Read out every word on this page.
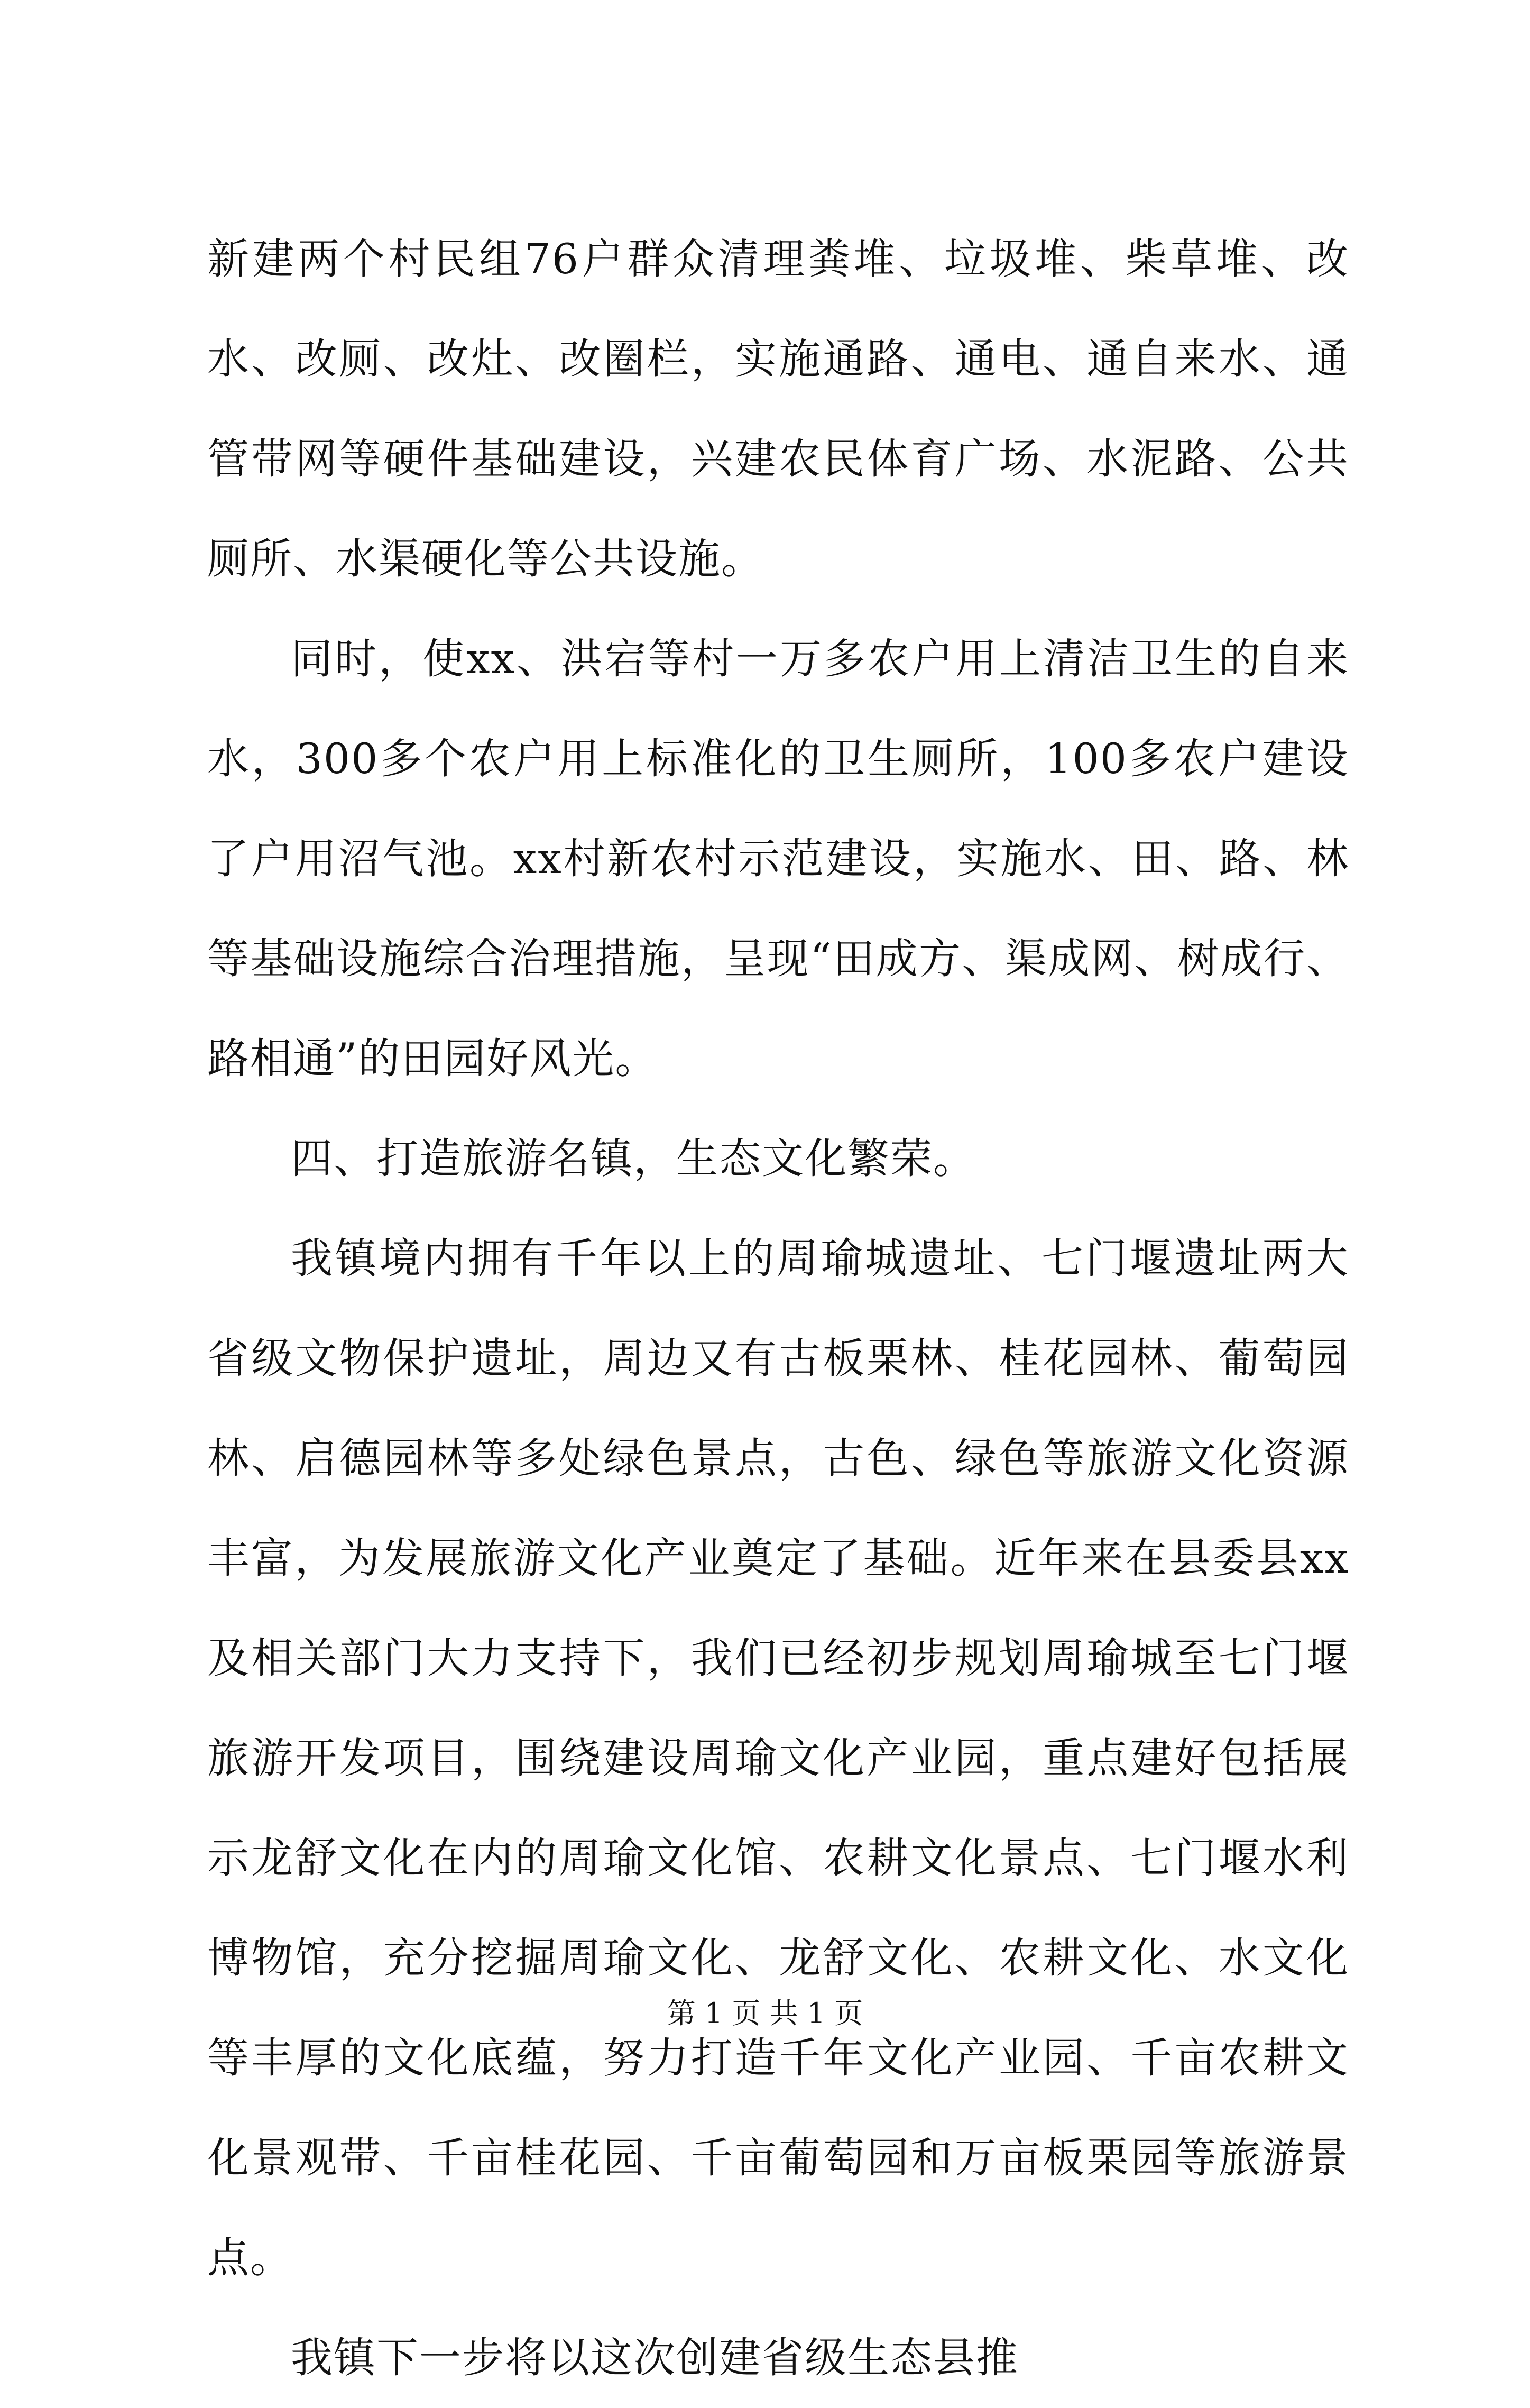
新建两个村民组76户群众清理粪堆、垃圾堆、柴草堆、改水、改厕、改灶、改圈栏，实施通路、通电、通自来水、通管带网等硬件基础建设，兴建农民体育广场、水泥路、公共厕所、水渠硬化等公共设施。

同时，使xx、洪宕等村一万多农户用上清洁卫生的自来水，300多个农户用上标准化的卫生厕所，100多农户建设了户用沼气池。xx村新农村示范建设，实施水、田、路、林等基础设施综合治理措施，呈现“田成方、渠成网、树成行、路相通”的田园好风光。

四、打造旅游名镇，生态文化繁荣。

我镇境内拥有千年以上的周瑜城遗址、七门堰遗址两大省级文物保护遗址，周边又有古板栗林、桂花园林、葡萄园林、启德园林等多处绿色景点，古色、绿色等旅游文化资源丰富，为发展旅游文化产业奠定了基础。近年来在县委县xx及相关部门大力支持下，我们已经初步规划周瑜城至七门堰旅游开发项目，围绕建设周瑜文化产业园，重点建好包括展示龙舒文化在内的周瑜文化馆、农耕文化景点、七门堰水利博物馆，充分挖掘周瑜文化、龙舒文化、农耕文化、水文化等丰厚的文化底蕴，努力打造千年文化产业园、千亩农耕文化景观带、千亩桂花园、千亩葡萄园和万亩板栗园等旅游景点。

我镇下一步将以这次创建省级生态县推

第 1 页 共 1 页
